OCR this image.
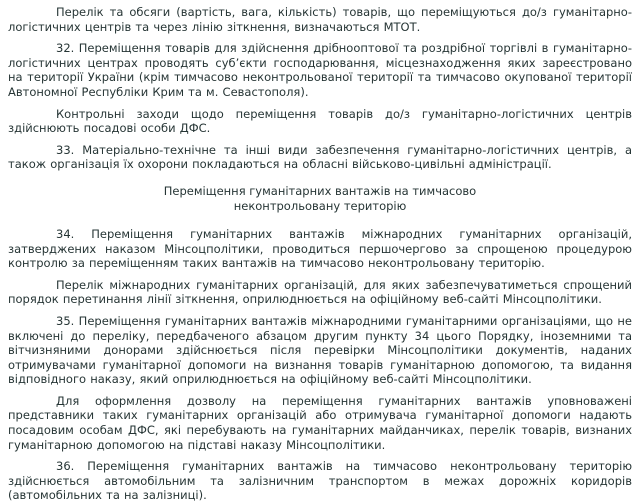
Перелік та обсяги (вартість, вага, кількість) товарів, що переміщуються до/з гуманітарно-логістичних центрів та через лінію зіткнення, визначаються МТОТ.

32. Переміщення товарів для здійснення дрібнооптової та роздрібної торгівлі в гуманітарно-логістичних центрах проводять суб’єкти господарювання, місцезнаходження яких зареєстровано на території України (крім тимчасово неконтрольованої території та тимчасово окупованої території Автономної Республіки Крим та м. Севастополя).

Контрольні заходи щодо переміщення товарів до/з гуманітарно-логістичних центрів здійснюють посадові особи ДФС.

33. Матеріально-технічне та інші види забезпечення гуманітарно-логістичних центрів, а також організація їх охорони покладаються на обласні військово-цивільні адміністрації.

Переміщення гуманітарних вантажів на тимчасово неконтрольовану територію

34. Переміщення гуманітарних вантажів міжнародних гуманітарних організацій, затверджених наказом Мінсоцполітики, проводиться першочергово за спрощеною процедурою контролю за переміщенням таких вантажів на тимчасово неконтрольовану територію.

Перелік міжнародних гуманітарних організацій, для яких забезпечуватиметься спрощений порядок перетинання лінії зіткнення, оприлюднюється на офіційному веб-сайті Мінсоцполітики.

35. Переміщення гуманітарних вантажів міжнародними гуманітарними організаціями, що не включені до переліку, передбаченого абзацом другим пункту 34 цього Порядку, іноземними та вітчизняними донорами здійснюється після перевірки Мінсоцполітики документів, наданих отримувачами гуманітарної допомоги на визнання товарів гуманітарною допомогою, та видання відповідного наказу, який оприлюднюється на офіційному веб-сайті Мінсоцполітики.

Для оформлення дозволу на переміщення гуманітарних вантажів уповноважені представники таких гуманітарних організацій або отримувача гуманітарної допомоги надають посадовим особам ДФС, які перебувають на гуманітарних майданчиках, перелік товарів, визнаних гуманітарною допомогою на підставі наказу Мінсоцполітики.

36. Переміщення гуманітарних вантажів на тимчасово неконтрольовану територію здійснюється автомобільним та залізничним транспортом в межах дорожніх коридорів (автомобільних та на залізниці).
